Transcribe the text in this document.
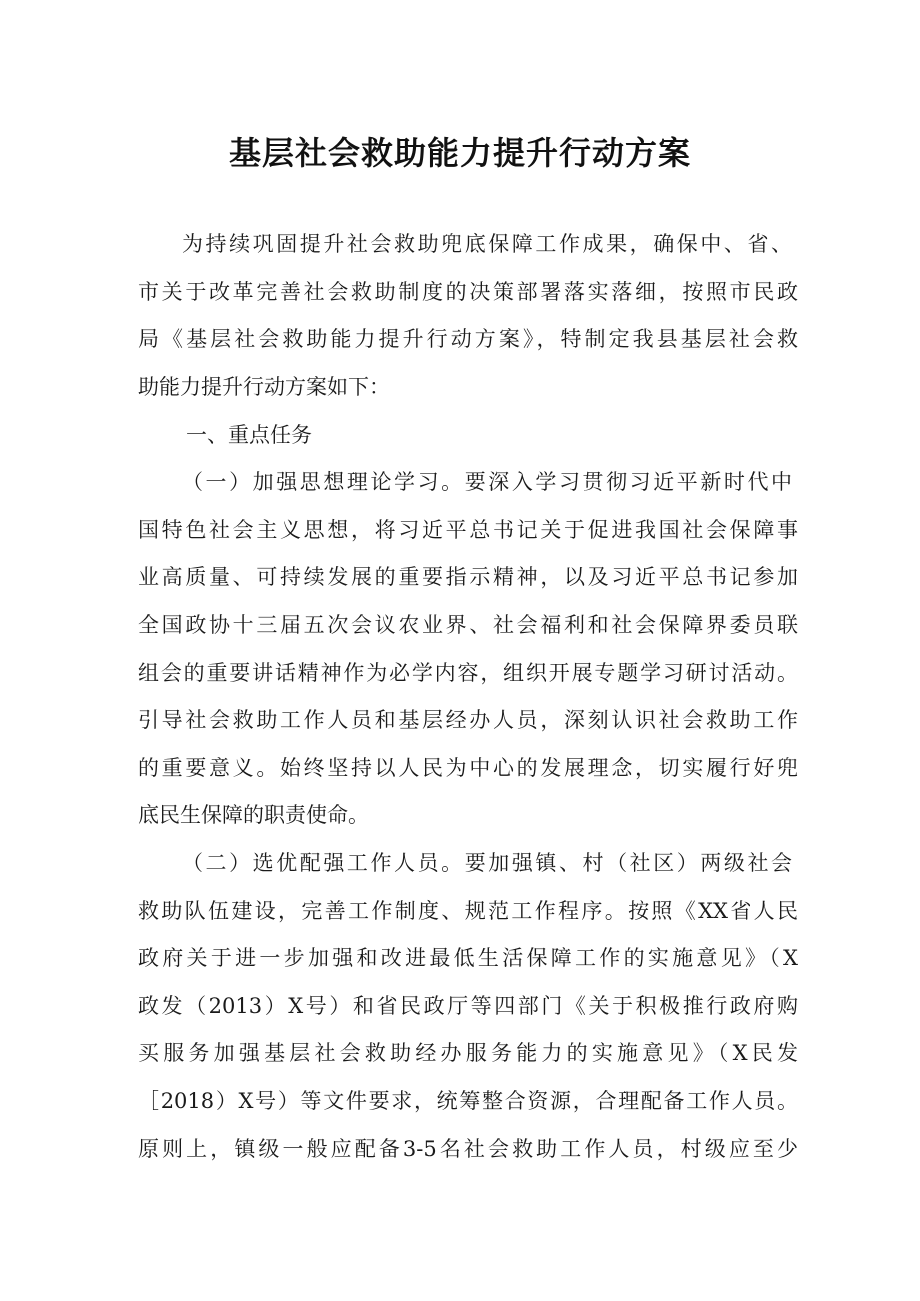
基层社会救助能力提升行动方案

为持续巩固提升社会救助兜底保障工作成果，确保中、省、

市关于改革完善社会救助制度的决策部署落实落细，按照市民政

局《基层社会救助能力提升行动方案》，特制定我县基层社会救

助能力提升行动方案如下：

一、重点任务

（一）加强思想理论学习。要深入学习贯彻习近平新时代中

国特色社会主义思想，将习近平总书记关于促进我国社会保障事

业高质量、可持续发展的重要指示精神，以及习近平总书记参加

全国政协十三届五次会议农业界、社会福利和社会保障界委员联

组会的重要讲话精神作为必学内容，组织开展专题学习研讨活动。

引导社会救助工作人员和基层经办人员，深刻认识社会救助工作

的重要意义。始终坚持以人民为中心的发展理念，切实履行好兜

底民生保障的职责使命。

（二）选优配强工作人员。要加强镇、村（社区）两级社会

救助队伍建设，完善工作制度、规范工作程序。按照《XX省人民

政府关于进一步加强和改进最低生活保障工作的实施意见》（X

政发（2013）X号）和省民政厅等四部门《关于积极推行政府购

买服务加强基层社会救助经办服务能力的实施意见》（X民发

［2018）X号）等文件要求，统筹整合资源，合理配备工作人员。

原则上，镇级一般应配备3-5名社会救助工作人员，村级应至少
